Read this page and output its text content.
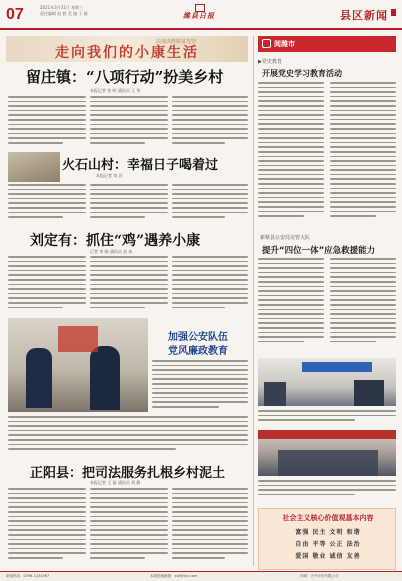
07	2021年3月31日 星期三
责任编辑 赵 毅 美 编 于 婧	潍县日报	县区新闻
走向我们的小康生活
决战决胜脱贫攻坚
留庄镇：“八项行动”扮美乡村
本报记者 张 明 通讯员 王 华
火石山村：幸福日子喝着过
本报记者 刘 洋
刘定有：抓住“鸡”遇养小康
记者 李 刚 通讯员 赵 冰
加强公安队伍
党风廉政教育
正阳县：把司法服务扎根乡村泥土
本报记者 王 磊 通讯员 刘 静
阅潍市
▶党史教育
开展党史学习教育活动
新蔡县公安局交管大队
提升“四位一体”应急救援能力
社会主义核心价值观基本内容
富强 民主 文明 和谐
自由 平等 公正 法治
爱国 敬业 诚信 友善
新闻热线：0396-1234567	本版投稿邮箱：xw@rbx.com	印刷：天中印务有限公司
